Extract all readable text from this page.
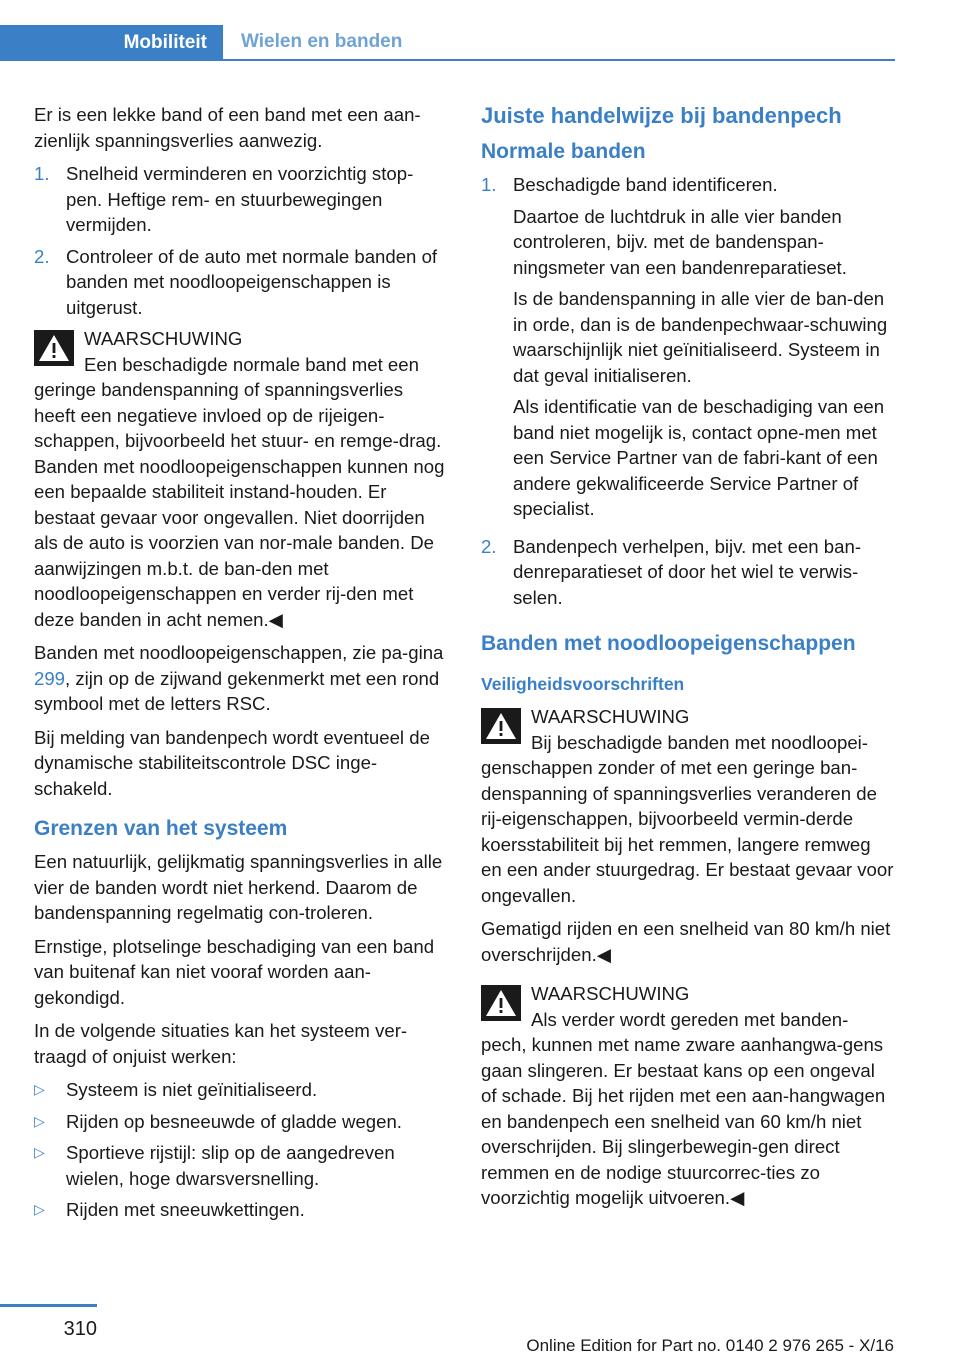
Mobiliteit	Wielen en banden

Er is een lekke band of een band met een aan-zienlijk spanningsverlies aanwezig.

1. Snelheid verminderen en voorzichtig stop-pen. Heftige rem- en stuurbewegingen vermijden.
2. Controleer of de auto met normale banden of banden met noodloopeigenschappen is uitgerust.
WAARSCHUWING
Een beschadigde normale band met een
geringe bandenspanning of spanningsverlies heeft een negatieve invloed op de rijeigen-schappen, bijvoorbeeld het stuur- en remge-drag. Banden met noodloopeigenschappen kunnen nog een bepaalde stabiliteit instand-houden. Er bestaat gevaar voor ongevallen. Niet doorrijden als de auto is voorzien van nor-male banden. De aanwijzingen m.b.t. de ban-den met noodloopeigenschappen en verder rij-den met deze banden in acht nemen.◀

Banden met noodloopeigenschappen, zie pa-gina 299, zijn op de zijwand gekenmerkt met een rond symbool met de letters RSC.

Bij melding van bandenpech wordt eventueel de dynamische stabiliteitscontrole DSC inge-schakeld.

Grenzen van het systeem

Een natuurlijk, gelijkmatig spanningsverlies in alle vier de banden wordt niet herkend. Daarom de bandenspanning regelmatig con-troleren.

Ernstige, plotselinge beschadiging van een band van buitenaf kan niet vooraf worden aan-gekondigd.

In de volgende situaties kan het systeem ver-traagd of onjuist werken:

▷	Systeem is niet geïnitialiseerd.
▷	Rijden op besneeuwde of gladde wegen.
▷	Sportieve rijstijl: slip op de aangedreven wielen, hoge dwarsversnelling.
▷	Rijden met sneeuwkettingen.
Juiste handelwijze bij bandenpech
Normale banden
1. Beschadigde band identificeren.

Daartoe de luchtdruk in alle vier banden controleren, bijv. met de bandenspan-ningsmeter van een bandenreparatieset.

Is de bandenspanning in alle vier de ban-den in orde, dan is de bandenpechwaar-schuwing waarschijnlijk niet geïnitialiseerd. Systeem in dat geval initialiseren.

Als identificatie van de beschadiging van een band niet mogelijk is, contact opne-men met een Service Partner van de fabri-kant of een andere gekwalificeerde Service Partner of specialist.

2. Bandenpech verhelpen, bijv. met een ban-denreparatieset of door het wiel te verwis-selen.

Banden met noodloopeigenschappen
Veiligheidsvoorschriften
WAARSCHUWING
Bij beschadigde banden met noodloopei-
genschappen zonder of met een geringe ban-denspanning of spanningsverlies veranderen de rij-eigenschappen, bijvoorbeeld vermin-derde koersstabiliteit bij het remmen, langere remweg en een ander stuurgedrag. Er bestaat gevaar voor ongevallen.

Gematigd rijden en een snelheid van 80 km/h niet overschrijden.◀

WAARSCHUWING
Als verder wordt gereden met banden-
pech, kunnen met name zware aanhangwa-gens gaan slingeren. Er bestaat kans op een ongeval of schade. Bij het rijden met een aan-hangwagen en bandenpech een snelheid van 60 km/h niet overschrijden. Bij slingerbewegin-gen direct remmen en de nodige stuurcorrec-ties zo voorzichtig mogelijk uitvoeren.◀
310
Online Edition for Part no. 0140 2 976 265 - X/16
